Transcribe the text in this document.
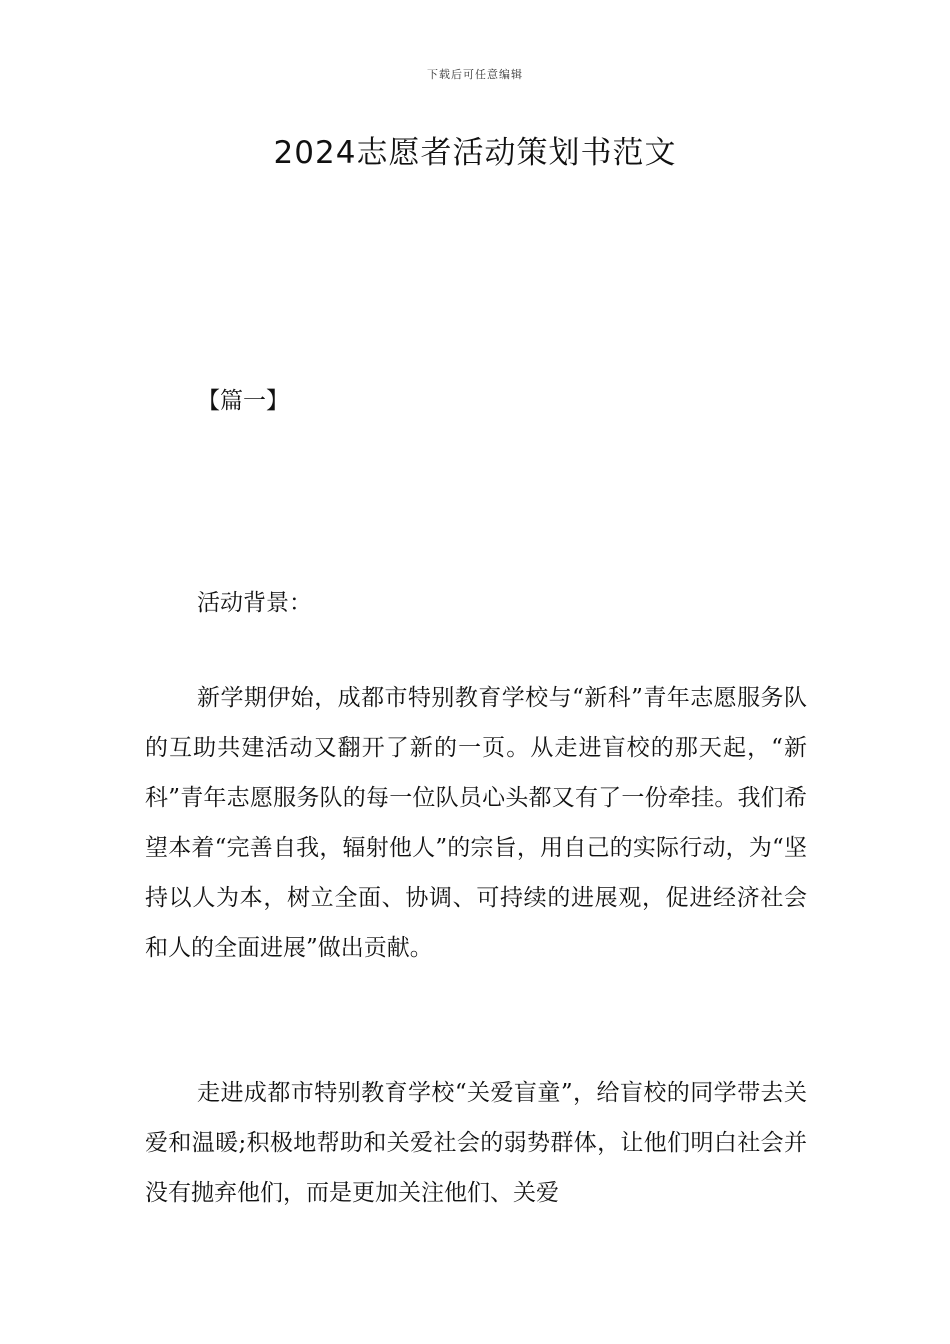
下载后可任意编辑
2024志愿者活动策划书范文
【篇一】
活动背景：

新学期伊始，成都市特别教育学校与“新科”青年志愿服务队的互助共建活动又翻开了新的一页。从走进盲校的那天起，“新科”青年志愿服务队的每一位队员心头都又有了一份牵挂。我们希望本着“完善自我，辐射他人”的宗旨，用自己的实际行动，为“坚持以人为本，树立全面、协调、可持续的进展观，促进经济社会和人的全面进展”做出贡献。

走进成都市特别教育学校“关爱盲童”，给盲校的同学带去关爱和温暖;积极地帮助和关爱社会的弱势群体，让他们明白社会并没有抛弃他们，而是更加关注他们、关爱
